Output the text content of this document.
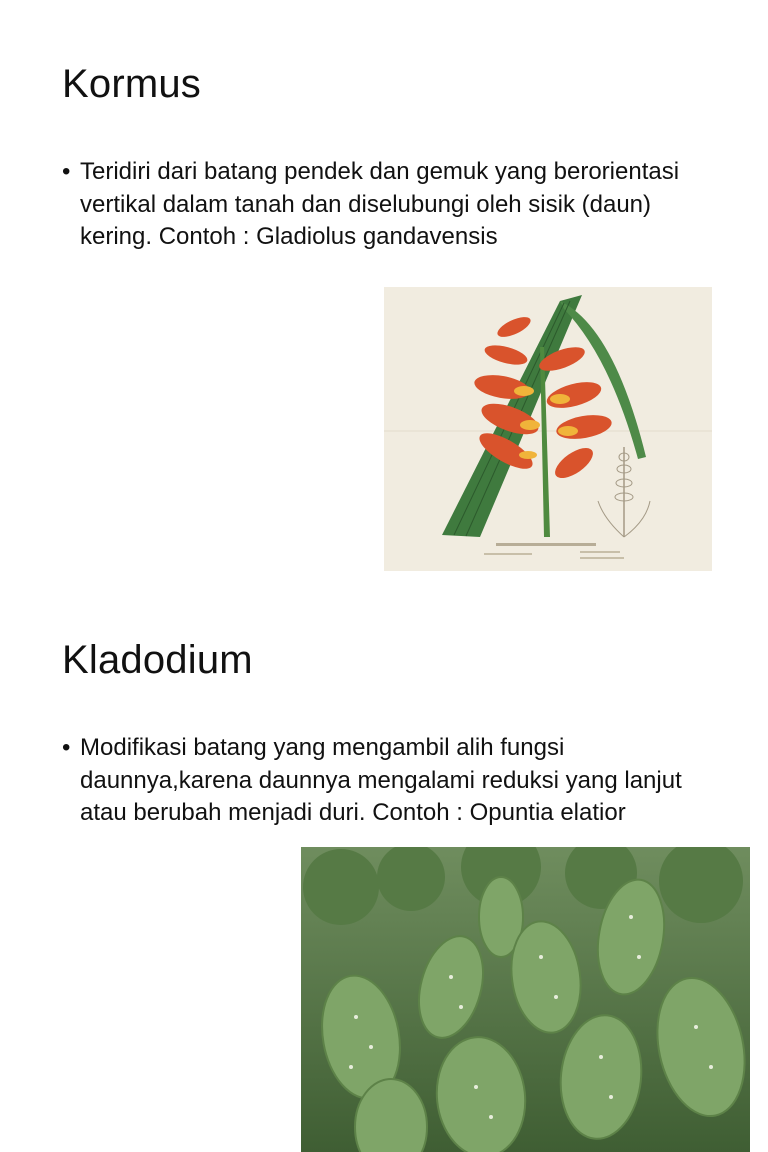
Kormus
• Teridiri dari batang pendek dan gemuk yang berorientasi vertikal dalam tanah dan diselubungi oleh sisik (daun) kering. Contoh : Gladiolus gandavensis
Kladodium
• Modifikasi batang yang mengambil alih fungsi daunnya,karena daunnya mengalami reduksi yang lanjut atau berubah menjadi duri. Contoh : Opuntia elatior
